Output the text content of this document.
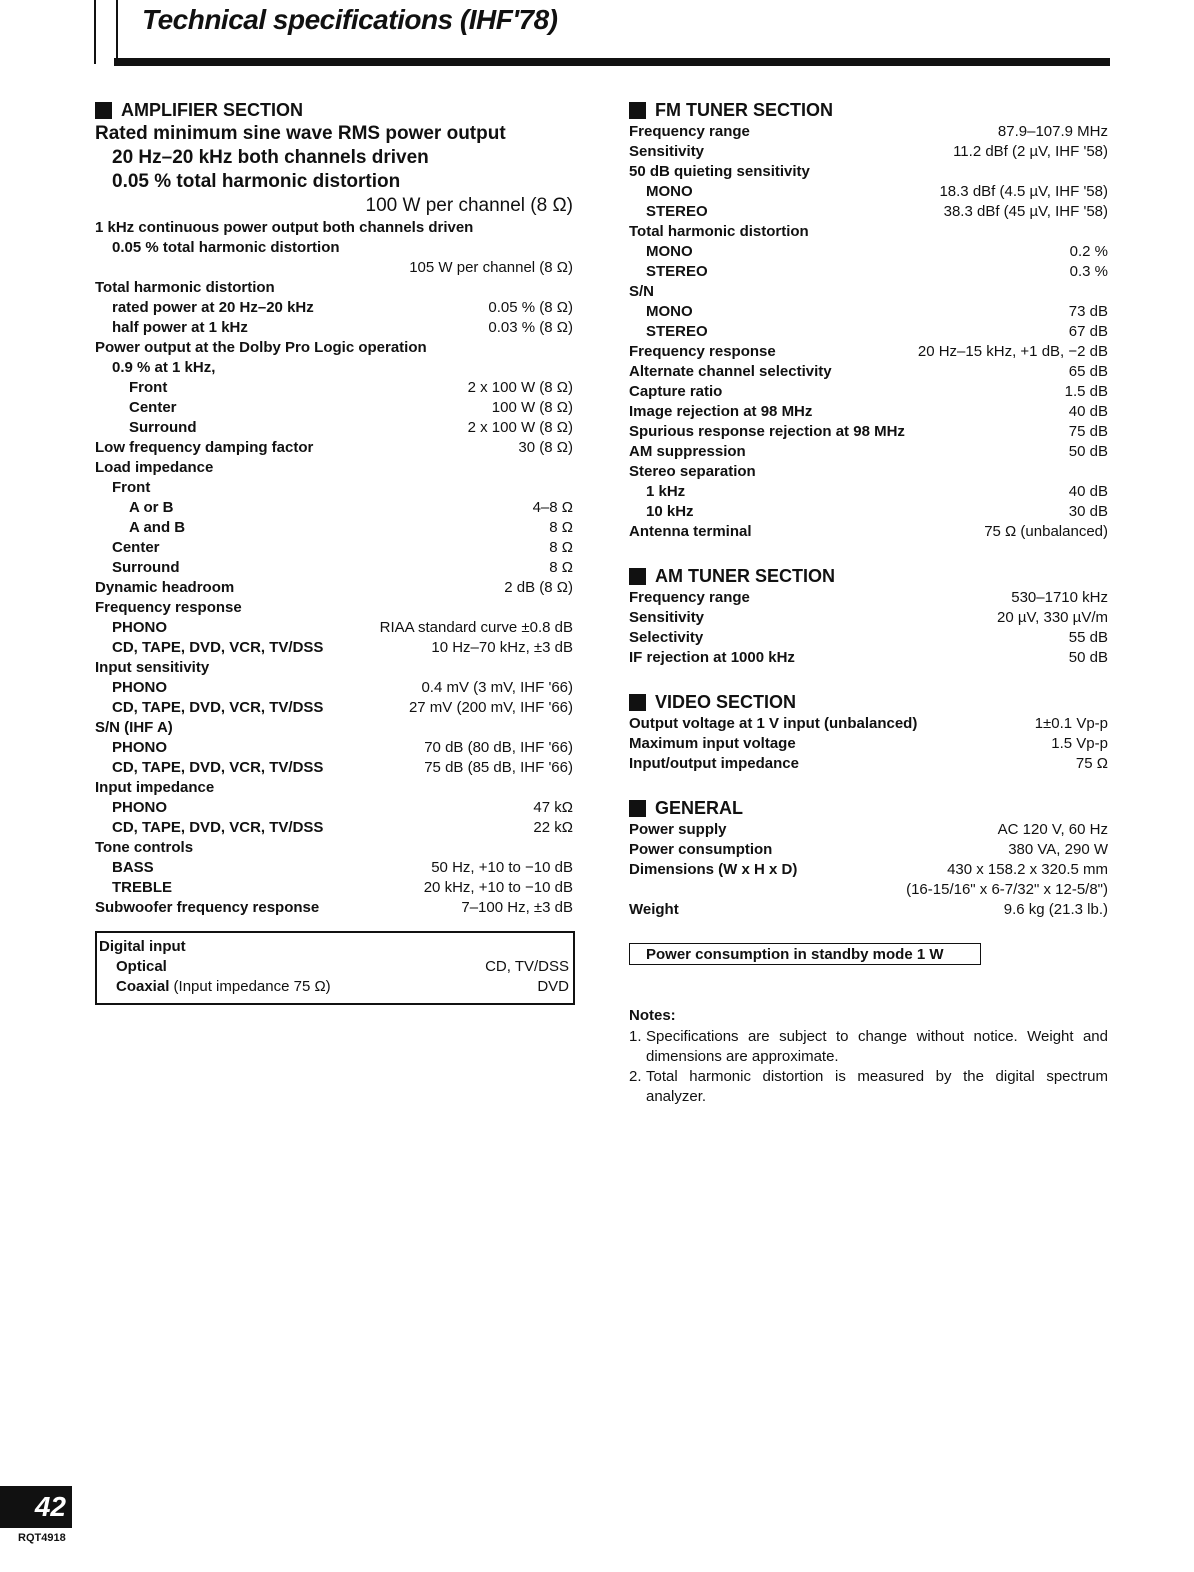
Technical specifications (IHF'78)
AMPLIFIER SECTION
Rated minimum sine wave RMS power output
20 Hz–20 kHz both channels driven
0.05 % total harmonic distortion
100 W per channel (8 Ω)
1 kHz continuous power output both channels driven
0.05 % total harmonic distortion
105 W per channel (8 Ω)
Total harmonic distortion
rated power at 20 Hz–20 kHz	0.05 % (8 Ω)
half power at 1 kHz	0.03 % (8 Ω)
Power output at the Dolby Pro Logic operation
0.9 % at 1 kHz,
Front	2 x 100 W (8 Ω)
Center	100 W (8 Ω)
Surround	2 x 100 W (8 Ω)
Low frequency damping factor	30 (8 Ω)
Load impedance
Front
A or B	4–8 Ω
A and B	8 Ω
Center	8 Ω
Surround	8 Ω
Dynamic headroom	2 dB (8 Ω)
Frequency response
PHONO	RIAA standard curve ±0.8 dB
CD, TAPE, DVD, VCR, TV/DSS	10 Hz–70 kHz, ±3 dB
Input sensitivity
PHONO	0.4 mV (3 mV, IHF '66)
CD, TAPE, DVD, VCR, TV/DSS	27 mV (200 mV, IHF '66)
S/N (IHF A)
PHONO	70 dB (80 dB, IHF '66)
CD, TAPE, DVD, VCR, TV/DSS	75 dB (85 dB, IHF '66)
Input impedance
PHONO	47 kΩ
CD, TAPE, DVD, VCR, TV/DSS	22 kΩ
Tone controls
BASS	50 Hz, +10 to −10 dB
TREBLE	20 kHz, +10 to −10 dB
Subwoofer frequency response	7–100 Hz, ±3 dB
Digital input
Optical	CD, TV/DSS
Coaxial (Input impedance 75 Ω)	DVD
FM TUNER SECTION
Frequency range	87.9–107.9 MHz
Sensitivity	11.2 dBf (2 µV, IHF '58)
50 dB quieting sensitivity
MONO	18.3 dBf (4.5 µV, IHF '58)
STEREO	38.3 dBf (45 µV, IHF '58)
Total harmonic distortion
MONO	0.2 %
STEREO	0.3 %
S/N
MONO	73 dB
STEREO	67 dB
Frequency response	20 Hz–15 kHz, +1 dB, −2 dB
Alternate channel selectivity	65 dB
Capture ratio	1.5 dB
Image rejection at 98 MHz	40 dB
Spurious response rejection at 98 MHz	75 dB
AM suppression	50 dB
Stereo separation
1 kHz	40 dB
10 kHz	30 dB
Antenna terminal	75 Ω (unbalanced)
AM TUNER SECTION
Frequency range	530–1710 kHz
Sensitivity	20 µV, 330 µV/m
Selectivity	55 dB
IF rejection at 1000 kHz	50 dB
VIDEO SECTION
Output voltage at 1 V input (unbalanced)	1±0.1 Vp-p
Maximum input voltage	1.5 Vp-p
Input/output impedance	75 Ω
GENERAL
Power supply	AC 120 V, 60 Hz
Power consumption	380 VA, 290 W
Dimensions (W x H x D)	430 x 158.2 x 320.5 mm
(16-15/16" x 6-7/32" x 12-5/8")
Weight	9.6 kg (21.3 lb.)
Power consumption in standby mode 1 W
Notes:
1. Specifications are subject to change without notice. Weight and dimensions are approximate.
2. Total harmonic distortion is measured by the digital spectrum analyzer.
42
RQT4918
